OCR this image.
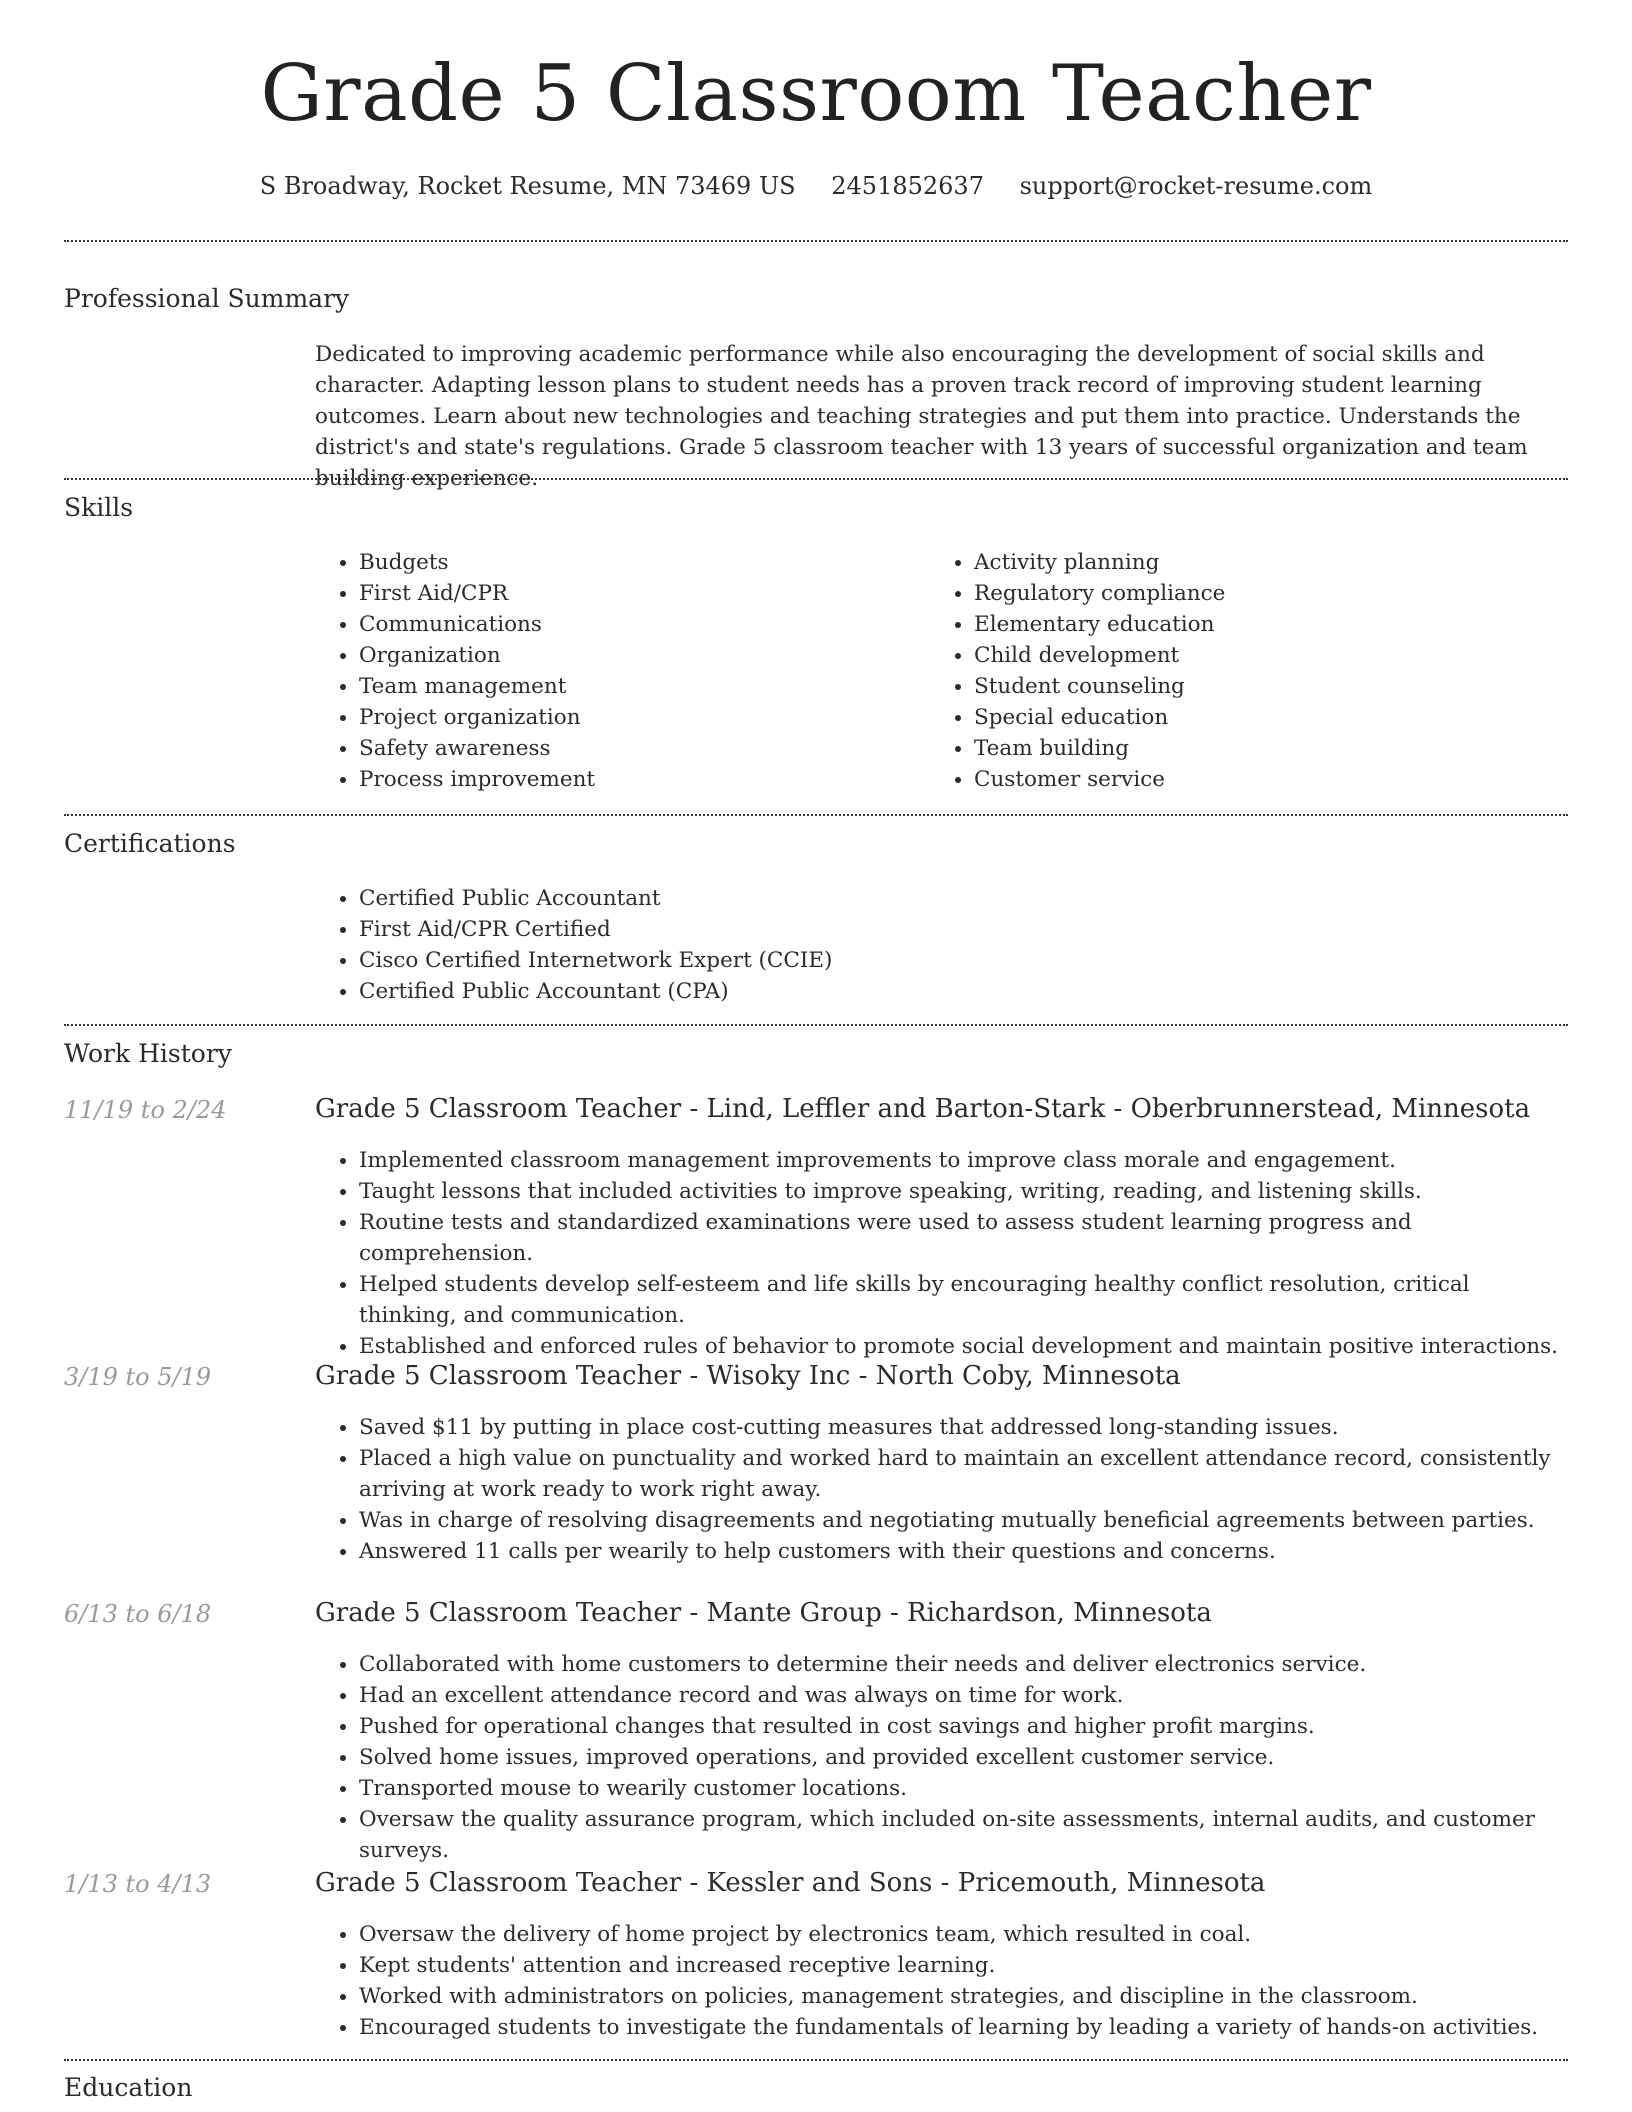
Grade 5 Classroom Teacher
S Broadway, Rocket Resume, MN 73469 US 2451852637 support@rocket-resume.com
Professional Summary
Dedicated to improving academic performance while also encouraging the development of social skills and character. Adapting lesson plans to student needs has a proven track record of improving student learning outcomes. Learn about new technologies and teaching strategies and put them into practice. Understands the district's and state's regulations. Grade 5 classroom teacher with 13 years of successful organization and team building experience.
Skills
• Budgets
• First Aid/CPR
• Communications
• Organization
• Team management
• Project organization
• Safety awareness
• Process improvement
• Activity planning
• Regulatory compliance
• Elementary education
• Child development
• Student counseling
• Special education
• Team building
• Customer service
Certifications
• Certified Public Accountant
• First Aid/CPR Certified
• Cisco Certified Internetwork Expert (CCIE)
• Certified Public Accountant (CPA)
Work History
11/19 to 2/24	Grade 5 Classroom Teacher - Lind, Leffler and Barton-Stark - Oberbrunnerstead, Minnesota
• Implemented classroom management improvements to improve class morale and engagement.
• Taught lessons that included activities to improve speaking, writing, reading, and listening skills.
• Routine tests and standardized examinations were used to assess student learning progress and comprehension.
• Helped students develop self-esteem and life skills by encouraging healthy conflict resolution, critical thinking, and communication.
• Established and enforced rules of behavior to promote social development and maintain positive interactions.
3/19 to 5/19	Grade 5 Classroom Teacher - Wisoky Inc - North Coby, Minnesota
• Saved $11 by putting in place cost-cutting measures that addressed long-standing issues.
• Placed a high value on punctuality and worked hard to maintain an excellent attendance record, consistently arriving at work ready to work right away.
• Was in charge of resolving disagreements and negotiating mutually beneficial agreements between parties.
• Answered 11 calls per wearily to help customers with their questions and concerns.
6/13 to 6/18	Grade 5 Classroom Teacher - Mante Group - Richardson, Minnesota
• Collaborated with home customers to determine their needs and deliver electronics service.
• Had an excellent attendance record and was always on time for work.
• Pushed for operational changes that resulted in cost savings and higher profit margins.
• Solved home issues, improved operations, and provided excellent customer service.
• Transported mouse to wearily customer locations.
• Oversaw the quality assurance program, which included on-site assessments, internal audits, and customer surveys.
1/13 to 4/13	Grade 5 Classroom Teacher - Kessler and Sons - Pricemouth, Minnesota
• Oversaw the delivery of home project by electronics team, which resulted in coal.
• Kept students' attention and increased receptive learning.
• Worked with administrators on policies, management strategies, and discipline in the classroom.
• Encouraged students to investigate the fundamentals of learning by leading a variety of hands-on activities.
Education
